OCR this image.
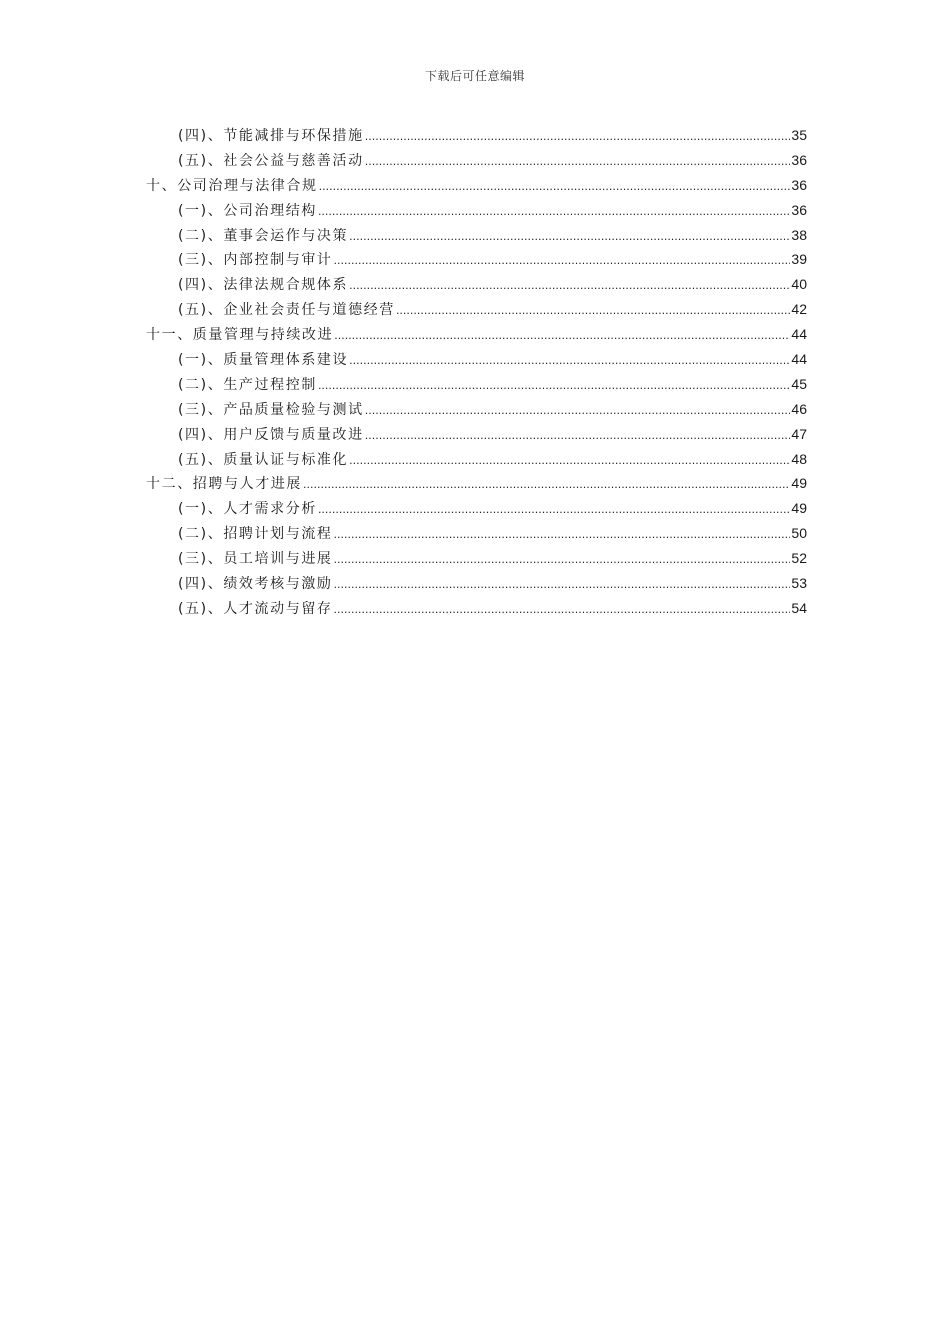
下载后可任意编辑
(四)、节能减排与环保措施 .....	35
(五)、社会公益与慈善活动 .....	36
十、公司治理与法律合规 .....	36
(一)、公司治理结构 .....	36
(二)、董事会运作与决策 .....	38
(三)、内部控制与审计 .....	39
(四)、法律法规合规体系 .....	40
(五)、企业社会责任与道德经营 .....	42
十一、质量管理与持续改进 .....	44
(一)、质量管理体系建设 .....	44
(二)、生产过程控制 .....	45
(三)、产品质量检验与测试 .....	46
(四)、用户反馈与质量改进 .....	47
(五)、质量认证与标准化 .....	48
十二、招聘与人才进展 .....	49
(一)、人才需求分析 .....	49
(二)、招聘计划与流程 .....	50
(三)、员工培训与进展 .....	52
(四)、绩效考核与激励 .....	53
(五)、人才流动与留存 .....	54
